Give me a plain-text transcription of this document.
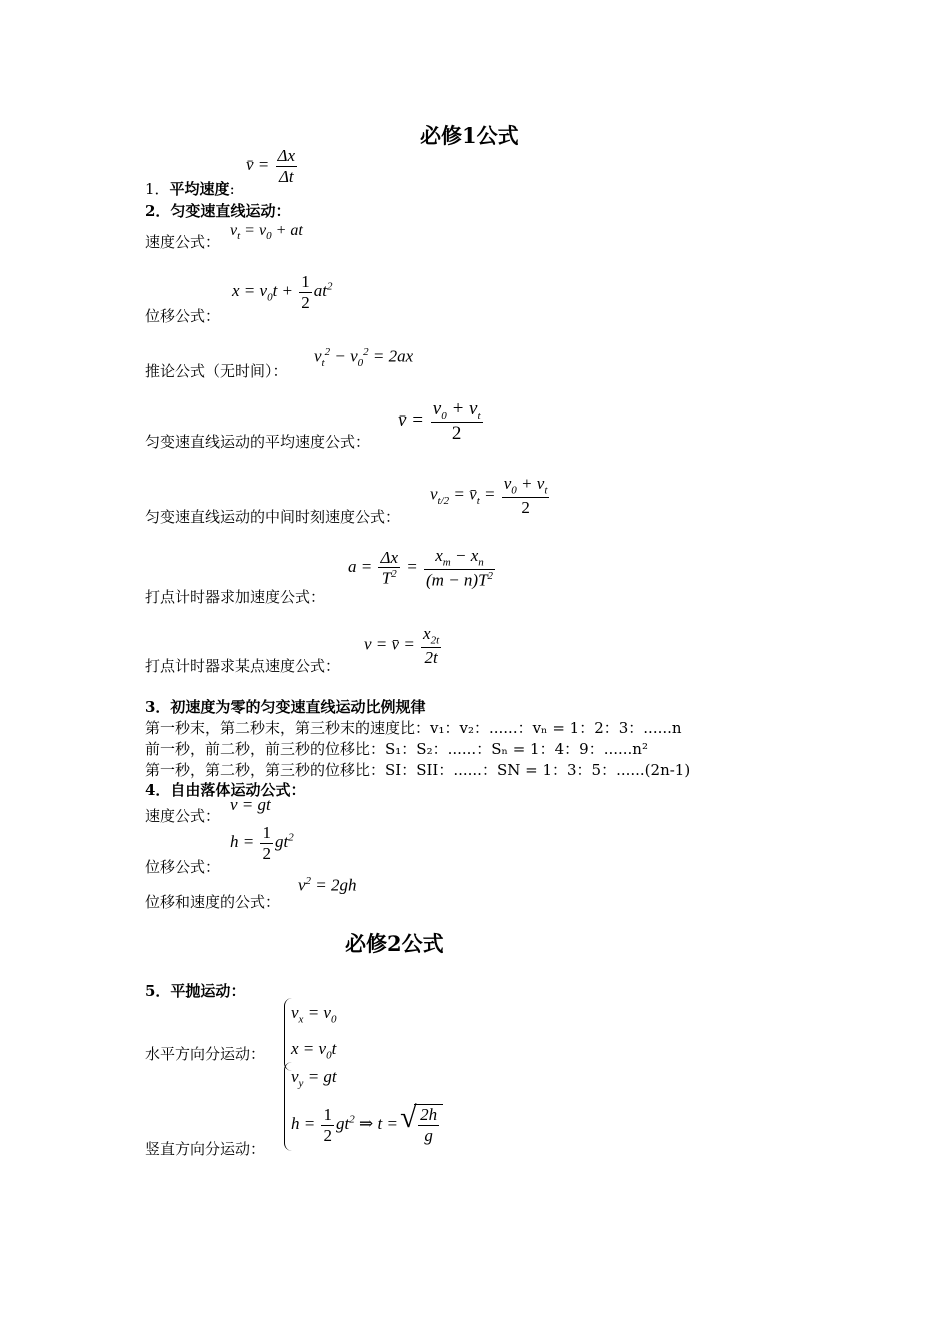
必修1公式
1．平均速度:
v̄ = $\frac{\Delta x}{\Delta t}$
2．匀变速直线运动：
速度公式：
$v_t = v_0$ + at
位移公式：
$x = v_0t + \frac{1}{2} at^2$
推论公式（无时间）：
$v_t^2 - v_0^2 = 2ax$
匀变速直线运动的平均速度公式：
v̄ = $\frac{v_0 + v_t}{2}$
匀变速直线运动的中间时刻速度公式：
$v_{t/2}$ = $v̄_t = \frac{v_0 + v_t}{2}$
打点计时器求加速度公式：
$a = \frac{\Delta x}{T^2} = \frac{x_m - x_n}{(m - n)T^2}$
打点计时器求某点速度公式：
v = v̄ = $\frac{x_{2t}}{2t}$
3．初速度为零的匀变速直线运动比例规律
第一秒末，第二秒末，第三秒末的速度比：v₁：v₂：......：vₙ = 1：2：3：......n
前一秒，前二秒，前三秒的位移比：S₁：S₂：......：Sₙ = 1：4：9：......n²
第一秒，第二秒，第三秒的位移比：SI：SII：......：SN = 1：3：5：......(2n-1)
4．自由落体运动公式：
速度公式：
v = gt
位移公式：
$h = \frac{1}{2} gt^2$
位移和速度的公式：
$v^2 = 2gh$
必修2公式
5．平抛运动：
水平方向分运动：
$v_x = v_0$
$x = v_0t$
竖直方向分运动：
$v_y$ = gt
$h = \frac{1}{2} gt^2$ ⇒ t =
√ $\frac{2h}{g}$
